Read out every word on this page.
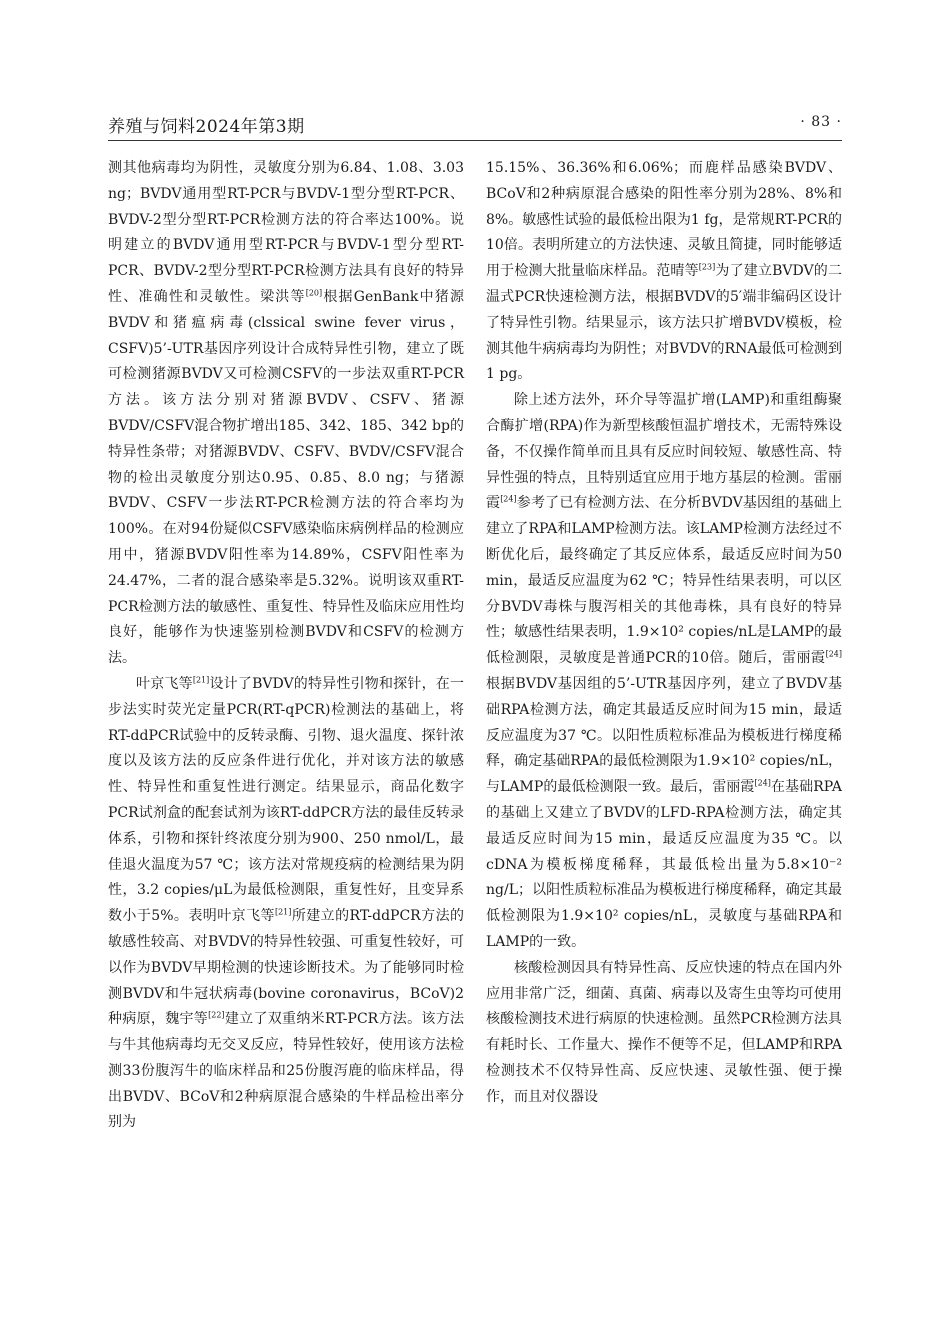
养殖与饲料2024年第3期	· 83 ·

测其他病毒均为阴性，灵敏度分别为6.84、1.08、3.03 ng；BVDV通用型RT-PCR与BVDV-1型分型RT-PCR、BVDV-2型分型RT-PCR检测方法的符合率达100%。说明建立的BVDV通用型RT-PCR与BVDV-1型分型RT-PCR、BVDV-2型分型RT-PCR检测方法具有良好的特异性、准确性和灵敏性。梁洪等[20]根据GenBank中猪源BVDV和猪瘟病毒(clssical swine fever virus，CSFV)5’-UTR基因序列设计合成特异性引物，建立了既可检测猪源BVDV又可检测CSFV的一步法双重RT-PCR方法。该方法分别对猪源BVDV、CSFV、猪源BVDV/CSFV混合物扩增出185、342、185、342 bp的特异性条带；对猪源BVDV、CSFV、BVDV/CSFV混合物的检出灵敏度分别达0.95、0.85、8.0 ng；与猪源BVDV、CSFV一步法RT-PCR检测方法的符合率均为100%。在对94份疑似CSFV感染临床病例样品的检测应用中，猪源BVDV阳性率为14.89%，CSFV阳性率为24.47%，二者的混合感染率是5.32%。说明该双重RT-PCR检测方法的敏感性、重复性、特异性及临床应用性均良好，能够作为快速鉴别检测BVDV和CSFV的检测方法。

叶京飞等[21]设计了BVDV的特异性引物和探针，在一步法实时荧光定量PCR(RT-qPCR)检测法的基础上，将RT-ddPCR试验中的反转录酶、引物、退火温度、探针浓度以及该方法的反应条件进行优化，并对该方法的敏感性、特异性和重复性进行测定。结果显示，商品化数字PCR试剂盒的配套试剂为该RT-ddPCR方法的最佳反转录体系，引物和探针终浓度分别为900、250 nmol/L，最佳退火温度为57 ℃；该方法对常规疫病的检测结果为阴性，3.2 copies/μL为最低检测限，重复性好，且变异系数小于5%。表明叶京飞等[21]所建立的RT-ddPCR方法的敏感性较高、对BVDV的特异性较强、可重复性较好，可以作为BVDV早期检测的快速诊断技术。为了能够同时检测BVDV和牛冠状病毒(bovine coronavirus，BCoV)2种病原，魏宇等[22]建立了双重纳米RT-PCR方法。该方法与牛其他病毒均无交叉反应，特异性较好，使用该方法检测33份腹泻牛的临床样品和25份腹泻鹿的临床样品，得出BVDV、BCoV和2种病原混合感染的牛样品检出率分别为

15.15%、36.36%和6.06%；而鹿样品感染BVDV、BCoV和2种病原混合感染的阳性率分别为28%、8%和8%。敏感性试验的最低检出限为1 fg，是常规RT-PCR的10倍。表明所建立的方法快速、灵敏且简捷，同时能够适用于检测大批量临床样品。范晴等[23]为了建立BVDV的二温式PCR快速检测方法，根据BVDV的5′端非编码区设计了特异性引物。结果显示，该方法只扩增BVDV模板，检测其他牛病病毒均为阴性；对BVDV的RNA最低可检测到1 pg。

除上述方法外，环介导等温扩增(LAMP)和重组酶聚合酶扩增(RPA)作为新型核酸恒温扩增技术，无需特殊设备，不仅操作简单而且具有反应时间较短、敏感性高、特异性强的特点，且特别适宜应用于地方基层的检测。雷丽霞[24]参考了已有检测方法、在分析BVDV基因组的基础上建立了RPA和LAMP检测方法。该LAMP检测方法经过不断优化后，最终确定了其反应体系，最适反应时间为50 min，最适反应温度为62 ℃；特异性结果表明，可以区分BVDV毒株与腹泻相关的其他毒株，具有良好的特异性；敏感性结果表明，1.9×10² copies/nL是LAMP的最低检测限，灵敏度是普通PCR的10倍。随后，雷丽霞[24]根据BVDV基因组的5’-UTR基因序列，建立了BVDV基础RPA检测方法，确定其最适反应时间为15 min，最适反应温度为37 ℃。以阳性质粒标准品为模板进行梯度稀释，确定基础RPA的最低检测限为1.9×10² copies/nL，与LAMP的最低检测限一致。最后，雷丽霞[24]在基础RPA的基础上又建立了BVDV的LFD-RPA检测方法，确定其最适反应时间为15 min，最适反应温度为35 ℃。以cDNA为模板梯度稀释，其最低检出量为5.8×10⁻² ng/L；以阳性质粒标准品为模板进行梯度稀释，确定其最低检测限为1.9×10² copies/nL，灵敏度与基础RPA和LAMP的一致。

核酸检测因具有特异性高、反应快速的特点在国内外应用非常广泛，细菌、真菌、病毒以及寄生虫等均可使用核酸检测技术进行病原的快速检测。虽然PCR检测方法具有耗时长、工作量大、操作不便等不足，但LAMP和RPA检测技术不仅特异性高、反应快速、灵敏性强、便于操作，而且对仪器设
